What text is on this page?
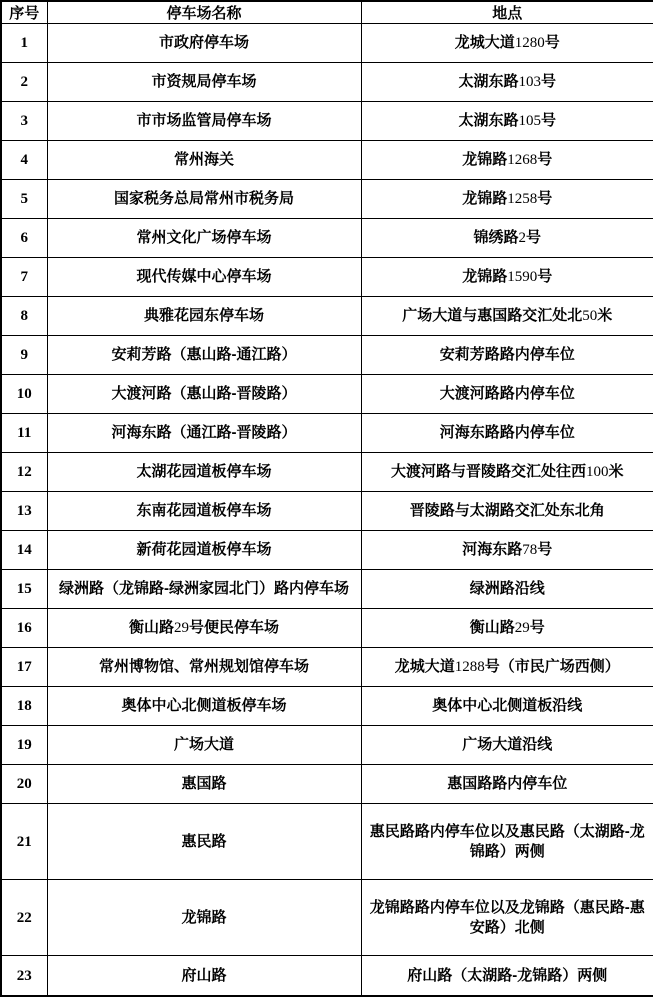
序号	停车场名称	地点
1	市政府停车场	龙城大道1280号
2	市资规局停车场	太湖东路103号
3	市市场监管局停车场	太湖东路105号
4	常州海关	龙锦路1268号
5	国家税务总局常州市税务局	龙锦路1258号
6	常州文化广场停车场	锦绣路2号
7	现代传媒中心停车场	龙锦路1590号
8	典雅花园东停车场	广场大道与惠国路交汇处北50米
9	安莉芳路（惠山路-通江路）	安莉芳路路内停车位
10	大渡河路（惠山路-晋陵路）	大渡河路路内停车位
11	河海东路（通江路-晋陵路）	河海东路路内停车位
12	太湖花园道板停车场	大渡河路与晋陵路交汇处往西100米
13	东南花园道板停车场	晋陵路与太湖路交汇处东北角
14	新荷花园道板停车场	河海东路78号
15	绿洲路（龙锦路-绿洲家园北门）路内停车场	绿洲路沿线
16	衡山路29号便民停车场	衡山路29号
17	常州博物馆、常州规划馆停车场	龙城大道1288号（市民广场西侧）
18	奥体中心北侧道板停车场	奥体中心北侧道板沿线
19	广场大道	广场大道沿线
20	惠国路	惠国路路内停车位
21	惠民路	惠民路路内停车位以及惠民路（太湖路-龙锦路）两侧
22	龙锦路	龙锦路路内停车位以及龙锦路（惠民路-惠安路）北侧
23	府山路	府山路（太湖路-龙锦路）两侧
